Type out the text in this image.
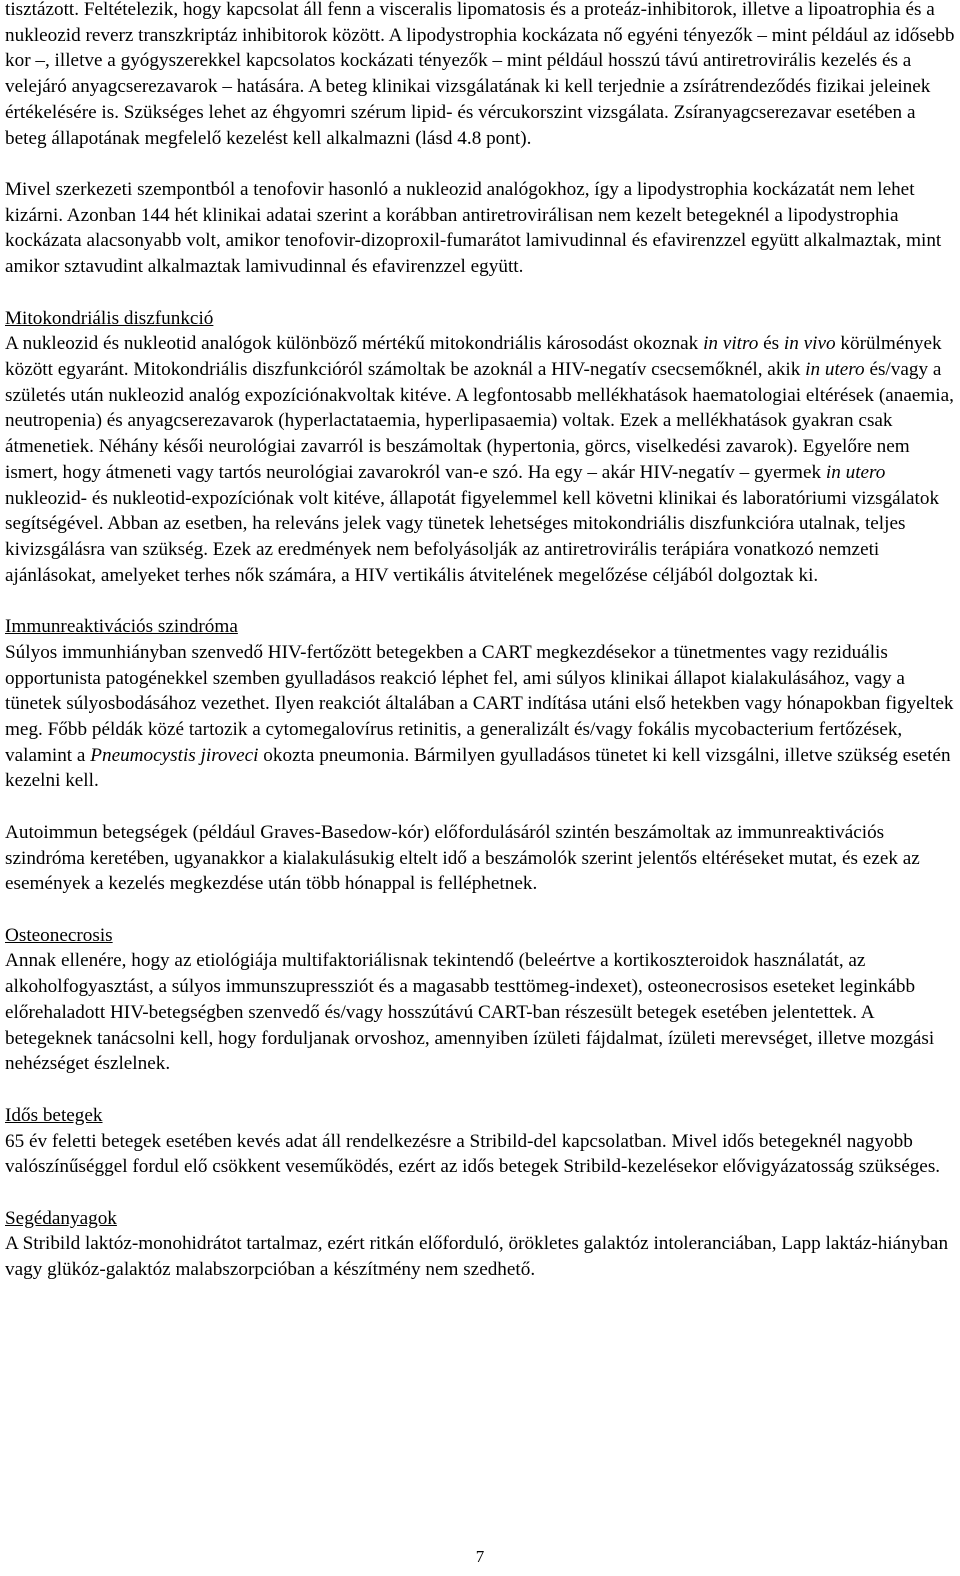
tisztázott. Feltételezik, hogy kapcsolat áll fenn a visceralis lipomatosis és a proteáz-inhibitorok, illetve a lipoatrophia és a nukleozid reverz transzkriptáz inhibitorok között. A lipodystrophia kockázata nő egyéni tényezők – mint például az idősebb kor –, illetve a gyógyszerekkel kapcsolatos kockázati tényezők – mint például hosszú távú antiretrovirális kezelés és a velejáró anyagcserezavarok – hatására. A beteg klinikai vizsgálatának ki kell terjednie a zsírátrendeződés fizikai jeleinek értékelésére is. Szükséges lehet az éhgyomri szérum lipid- és vércukorszint vizsgálata. Zsíranyagcserezavar esetében a beteg állapotának megfelelő kezelést kell alkalmazni (lásd 4.8 pont).

Mivel szerkezeti szempontból a tenofovir hasonló a nukleozid analógokhoz, így a lipodystrophia kockázatát nem lehet kizárni. Azonban 144 hét klinikai adatai szerint a korábban antiretrovirálisan nem kezelt betegeknél a lipodystrophia kockázata alacsonyabb volt, amikor tenofovir-dizoproxil-fumarátot lamivudinnal és efavirenzzel együtt alkalmaztak, mint amikor sztavudint alkalmaztak lamivudinnal és efavirenzzel együtt.

Mitokondriális diszfunkció
A nukleozid és nukleotid analógok különböző mértékű mitokondriális károsodást okoznak in vitro és in vivo körülmények között egyaránt. Mitokondriális diszfunkcióról számoltak be azoknál a HIV-negatív csecsemőknél, akik in utero és/vagy a születés után nukleozid analóg expozíciónakvoltak kitéve. A legfontosabb mellékhatások haematologiai eltérések (anaemia, neutropenia) és anyagcserezavarok (hyperlactataemia, hyperlipasaemia) voltak. Ezek a mellékhatások gyakran csak átmenetiek. Néhány késői neurológiai zavarról is beszámoltak (hypertonia, görcs, viselkedési zavarok). Egyelőre nem ismert, hogy átmeneti vagy tartós neurológiai zavarokról van-e szó. Ha egy – akár HIV-negatív – gyermek in utero nukleozid- és nukleotid-expozíciónak volt kitéve, állapotát figyelemmel kell követni klinikai és laboratóriumi vizsgálatok segítségével. Abban az esetben, ha releváns jelek vagy tünetek lehetséges mitokondriális diszfunkcióra utalnak, teljes kivizsgálásra van szükség. Ezek az eredmények nem befolyásolják az antiretrovirális terápiára vonatkozó nemzeti ajánlásokat, amelyeket terhes nők számára, a HIV vertikális átvitelének megelőzése céljából dolgoztak ki.
Immunreaktivációs szindróma
Súlyos immunhiányban szenvedő HIV-fertőzött betegekben a CART megkezdésekor a tünetmentes vagy reziduális opportunista patogénekkel szemben gyulladásos reakció léphet fel, ami súlyos klinikai állapot kialakulásához, vagy a tünetek súlyosbodásához vezethet. Ilyen reakciót általában a CART indítása utáni első hetekben vagy hónapokban figyeltek meg. Főbb példák közé tartozik a cytomegalovírus retinitis, a generalizált és/vagy fokális mycobacterium fertőzések, valamint a Pneumocystis jiroveci okozta pneumonia. Bármilyen gyulladásos tünetet ki kell vizsgálni, illetve szükség esetén kezelni kell.

Autoimmun betegségek (például Graves-Basedow-kór) előfordulásáról szintén beszámoltak az immunreaktivációs szindróma keretében, ugyanakkor a kialakulásukig eltelt idő a beszámolók szerint jelentős eltéréseket mutat, és ezek az események a kezelés megkezdése után több hónappal is felléphetnek.

Osteonecrosis
Annak ellenére, hogy az etiológiája multifaktoriálisnak tekintendő (beleértve a kortikoszteroidok használatát, az alkoholfogyasztást, a súlyos immunszupressziót és a magasabb testtömeg-indexet), osteonecrosisos eseteket leginkább előrehaladott HIV-betegségben szenvedő és/vagy hosszútávú CART-ban részesült betegek esetében jelentettek. A betegeknek tanácsolni kell, hogy forduljanak orvoshoz, amennyiben ízületi fájdalmat, ízületi merevséget, illetve mozgási nehézséget észlelnek.
Idős betegek
65 év feletti betegek esetében kevés adat áll rendelkezésre a Stribild-del kapcsolatban. Mivel idős betegeknél nagyobb valószínűséggel fordul elő csökkent veseműködés, ezért az idős betegek Stribild-kezelésekor elővigyázatosság szükséges.
Segédanyagok
A Stribild laktóz-monohidrátot tartalmaz, ezért ritkán előforduló, örökletes galaktóz intoleranciában, Lapp laktáz-hiányban vagy glükóz-galaktóz malabszorpcióban a készítmény nem szedhető.
7
